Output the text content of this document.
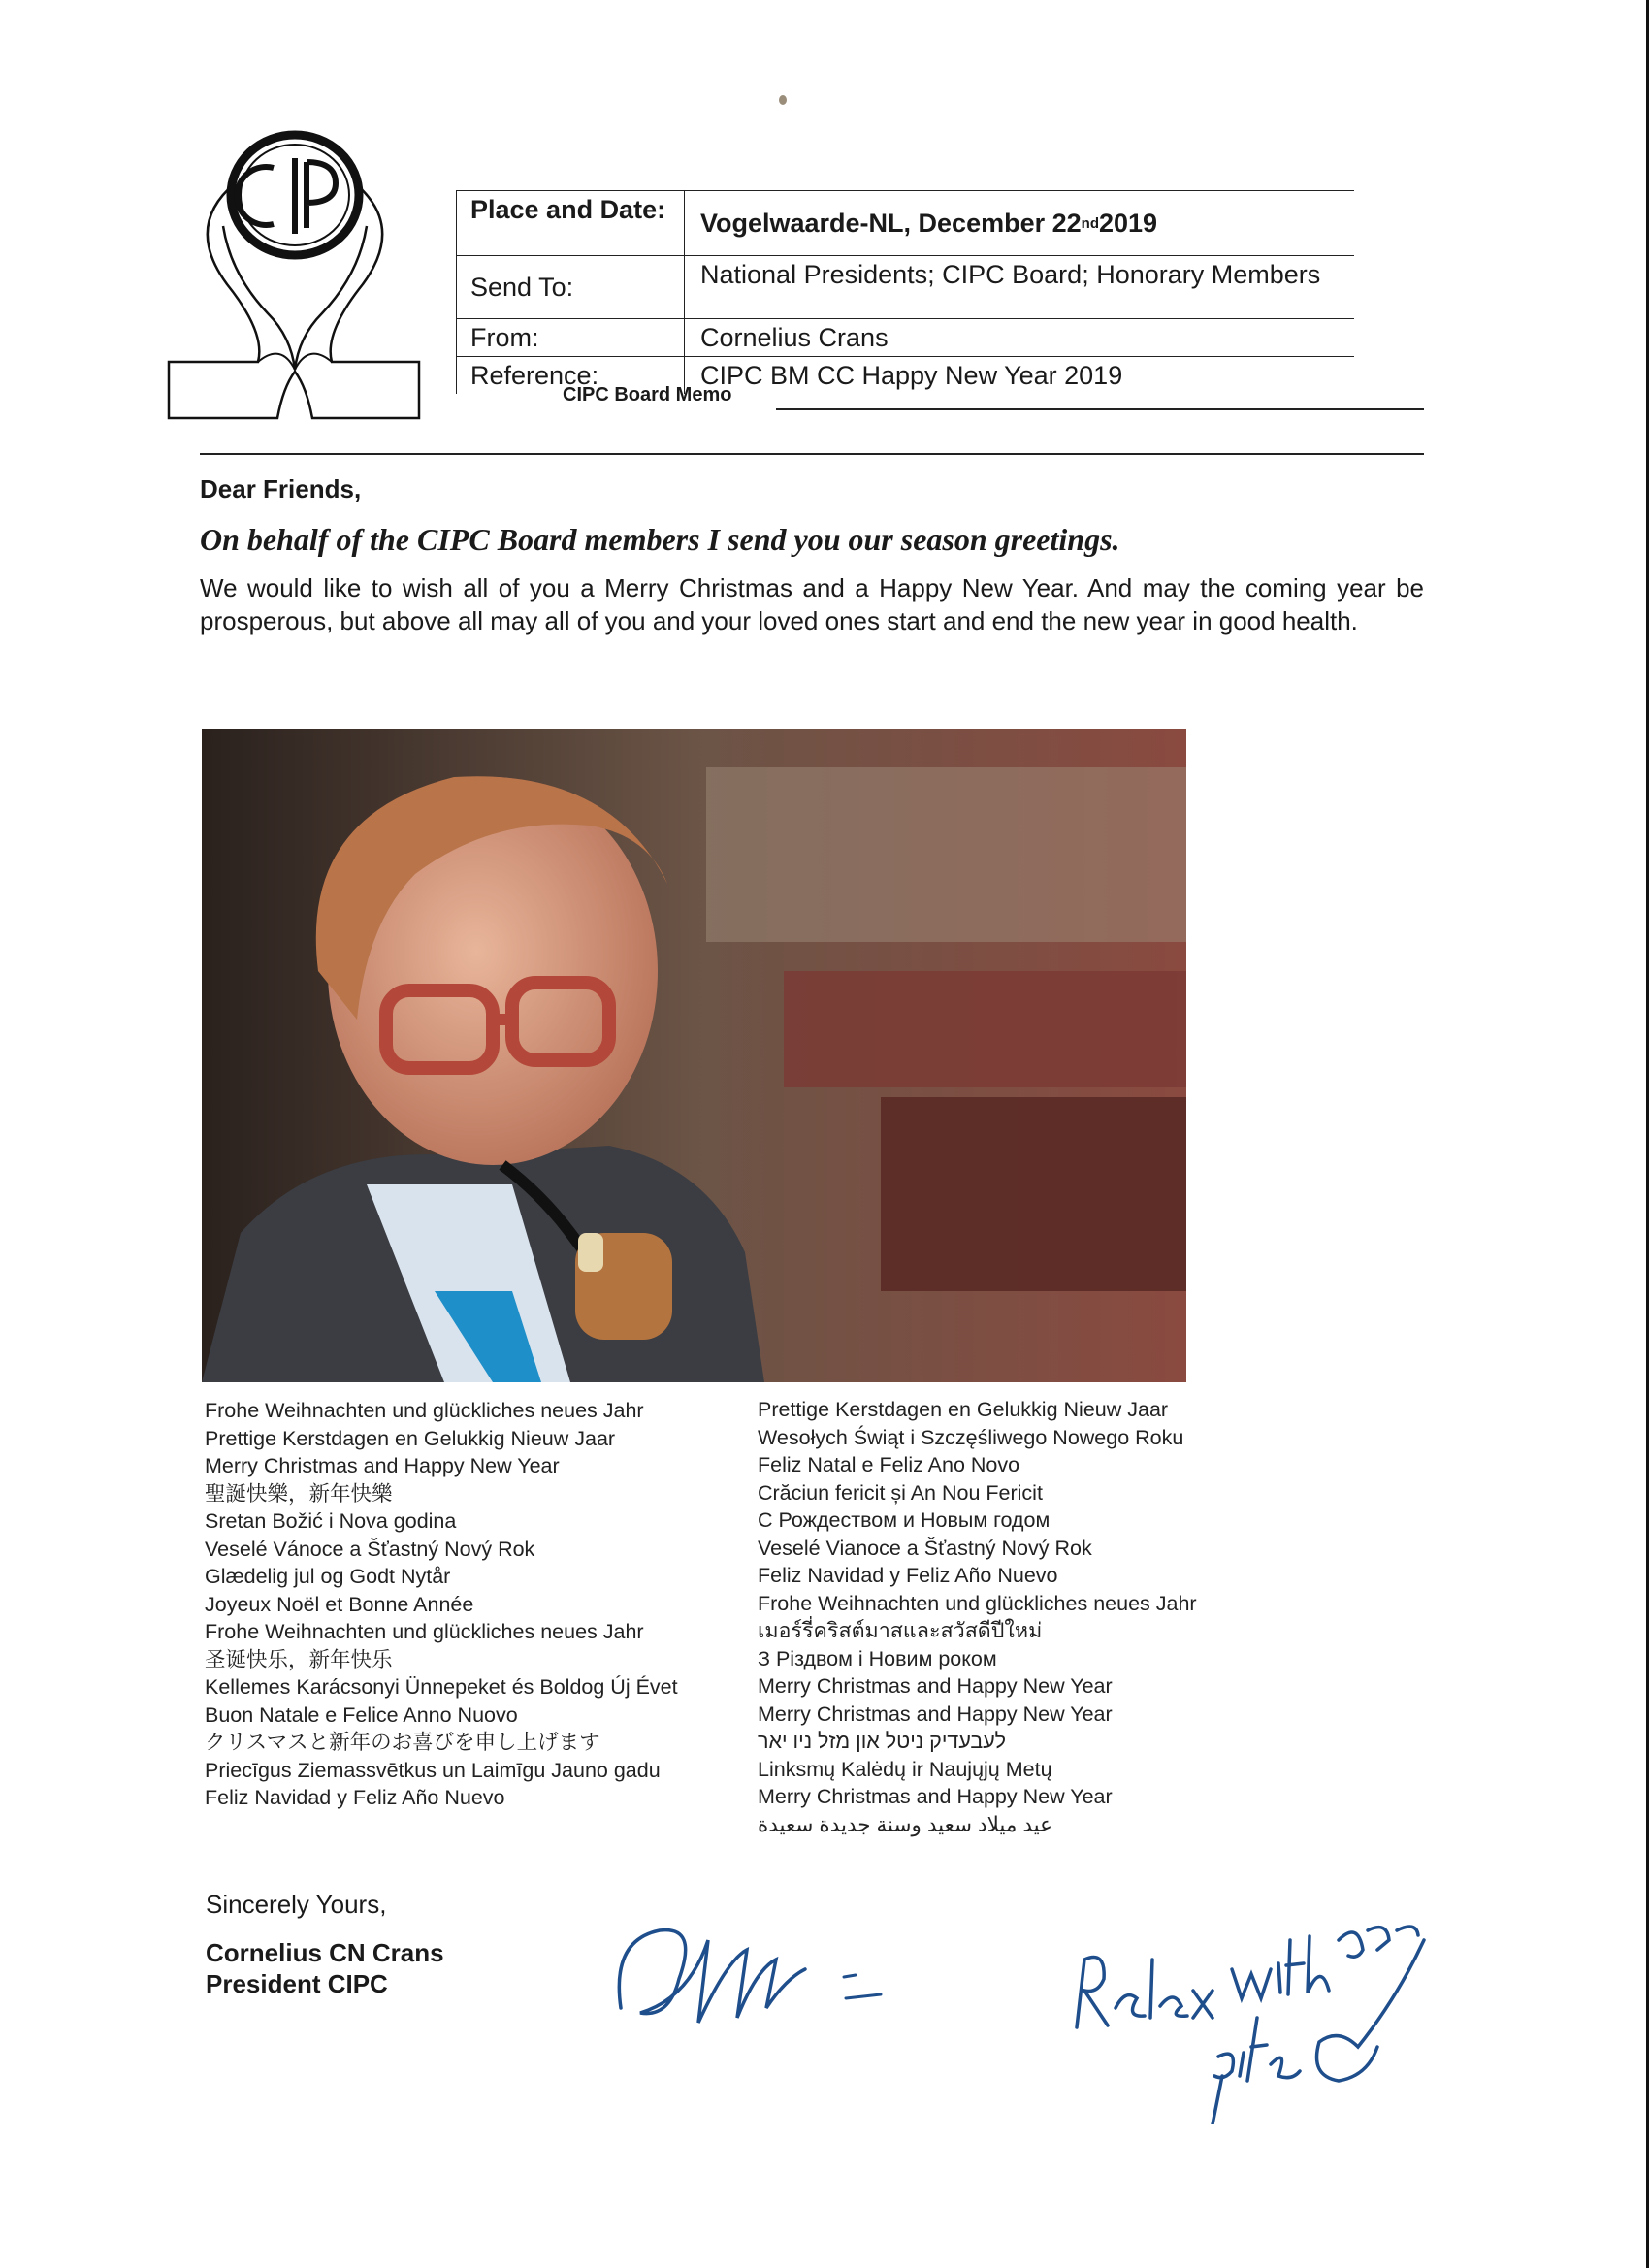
Place and Date:	Vogelwaarde-NL, December 22 nd 2019
Send To:	National Presidents; CIPC Board; Honorary Members
From:	Cornelius Crans
Reference:	CIPC BM CC Happy New Year 2019
CIPC Board Memo
Dear Friends,
On behalf of the CIPC Board members I send you our season greetings.
We would like to wish all of you a Merry Christmas and a Happy New Year. And may the coming year be prosperous, but above all may all of you and your loved ones start and end the new year in good health.
Frohe Weihnachten und glückliches neues Jahr
Prettige Kerstdagen en Gelukkig Nieuw Jaar
Merry Christmas and Happy New Year
聖誕快樂，新年快樂
Sretan Božić i Nova godina
Veselé Vánoce a Šťastný Nový Rok
Glædelig jul og Godt Nytår
Joyeux Noël et Bonne Année
Frohe Weihnachten und glückliches neues Jahr
圣诞快乐，新年快乐
Kellemes Karácsonyi Ünnepeket és Boldog Új Évet
Buon Natale e Felice Anno Nuovo
クリスマスと新年のお喜びを申し上げます
Priecīgus Ziemassvētkus un Laimīgu Jauno gadu
Feliz Navidad y Feliz Año Nuevo
Prettige Kerstdagen en Gelukkig Nieuw Jaar
Wesołych Świąt i Szczęśliwego Nowego Roku
Feliz Natal e Feliz Ano Novo
Crăciun fericit și An Nou Fericit
С Рождеством и Новым годом
Veselé Vianoce a Šťastný Nový Rok
Feliz Navidad y Feliz Año Nuevo
Frohe Weihnachten und glückliches neues Jahr
เมอร์รี่คริสต์มาสและสวัสดีปีใหม่
З Різдвом і Новим роком
Merry Christmas and Happy New Year
Merry Christmas and Happy New Year
לעבעדיק ניטל און מזל ניו יאר
Linksmų Kalėdų ir Naujųjų Metų
Merry Christmas and Happy New Year
عيد ميلاد سعيد وسنة جديدة سعيدة
Sincerely Yours,
Cornelius CN Crans
President CIPC
